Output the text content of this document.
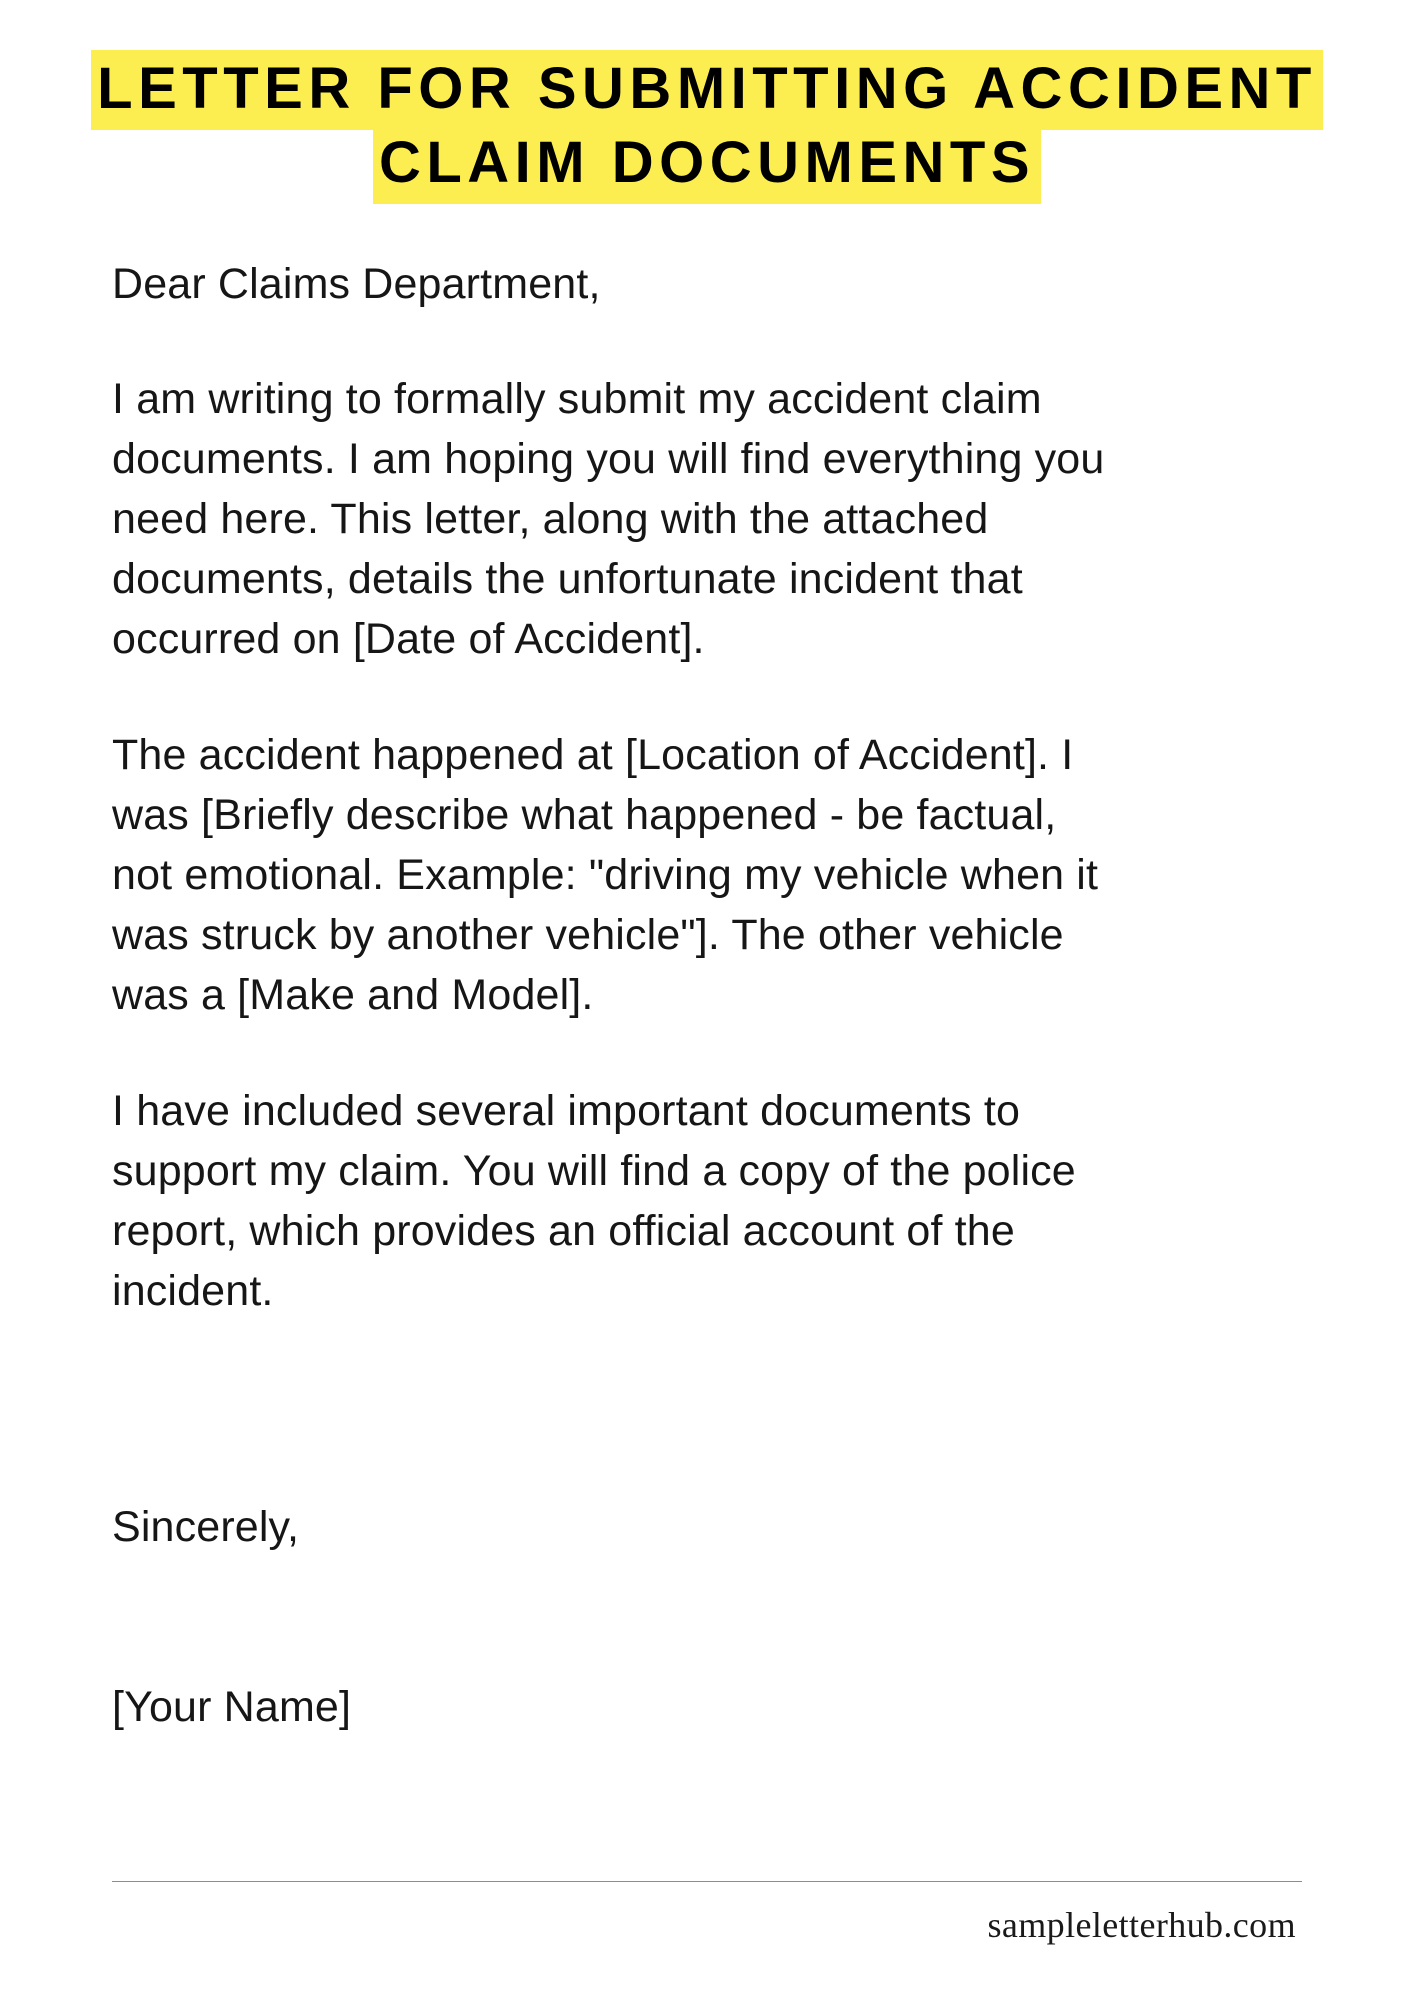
LETTER FOR SUBMITTING ACCIDENT
CLAIM DOCUMENTS

Dear Claims Department,

I am writing to formally submit my accident claim documents. I am hoping you will find everything you need here. This letter, along with the attached documents, details the unfortunate incident that occurred on [Date of Accident].

The accident happened at [Location of Accident]. I was [Briefly describe what happened - be factual, not emotional. Example: "driving my vehicle when it was struck by another vehicle"]. The other vehicle was a [Make and Model].

I have included several important documents to support my claim. You will find a copy of the police report, which provides an official account of the incident.

Sincerely,

[Your Name]

sampleletterhub.com
